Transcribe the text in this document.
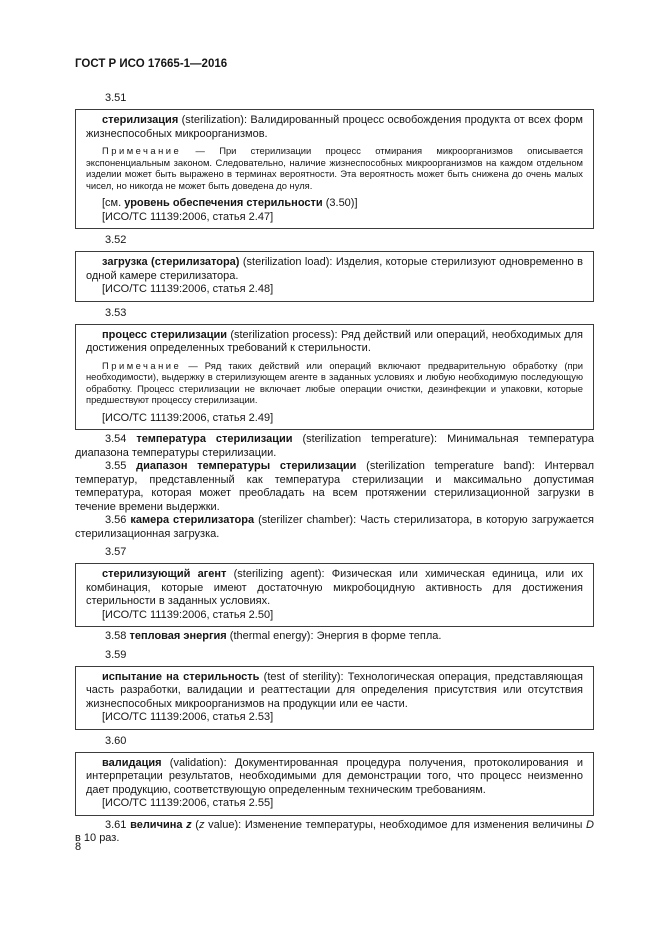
ГОСТ Р ИСО 17665-1—2016

3.51

стерилизация (sterilization): Валидированный процесс освобождения продукта от всех форм жизнеспособных микроорганизмов.

Примечание — При стерилизации процесс отмирания микроорганизмов описывается экспоненциальным законом. Следовательно, наличие жизнеспособных микроорганизмов на каждом отдельном изделии может быть выражено в терминах вероятности. Эта вероятность может быть снижена до очень малых чисел, но никогда не может быть доведена до нуля.

[см. уровень обеспечения стерильности (3.50)]

[ИСО/ТС 11139:2006, статья 2.47]

3.52

загрузка (стерилизатора) (sterilization load): Изделия, которые стерилизуют одновременно в одной камере стерилизатора.

[ИСО/ТС 11139:2006, статья 2.48]

3.53

процесс стерилизации (sterilization process): Ряд действий или операций, необходимых для достижения определенных требований к стерильности.

Примечание — Ряд таких действий или операций включают предварительную обработку (при необходимости), выдержку в стерилизующем агенте в заданных условиях и любую необходимую последующую обработку. Процесс стерилизации не включает любые операции очистки, дезинфекции и упаковки, которые предшествуют процессу стерилизации.

[ИСО/ТС 11139:2006, статья 2.49]

3.54 температура стерилизации (sterilization temperature): Минимальная температура диапазона температуры стерилизации.

3.55 диапазон температуры стерилизации (sterilization temperature band): Интервал температур, представленный как температура стерилизации и максимально допустимая температура, которая может преобладать на всем протяжении стерилизационной загрузки в течение времени выдержки.

3.56 камера стерилизатора (sterilizer chamber): Часть стерилизатора, в которую загружается стерилизационная загрузка.

3.57

стерилизующий агент (sterilizing agent): Физическая или химическая единица, или их комбинация, которые имеют достаточную микробоцидную активность для достижения стерильности в заданных условиях.

[ИСО/ТС 11139:2006, статья 2.50]

3.58 тепловая энергия (thermal energy): Энергия в форме тепла.

3.59

испытание на стерильность (test of sterility): Технологическая операция, представляющая часть разработки, валидации и реаттестации для определения присутствия или отсутствия жизнеспособных микроорганизмов на продукции или ее части.

[ИСО/ТС 11139:2006, статья 2.53]

3.60

валидация (validation): Документированная процедура получения, протоколирования и интерпретации результатов, необходимыми для демонстрации того, что процесс неизменно дает продукцию, соответствующую определенным техническим требованиям.

[ИСО/ТС 11139:2006, статья 2.55]

3.61 величина z (z value): Изменение температуры, необходимое для изменения величины D в 10 раз.

8
